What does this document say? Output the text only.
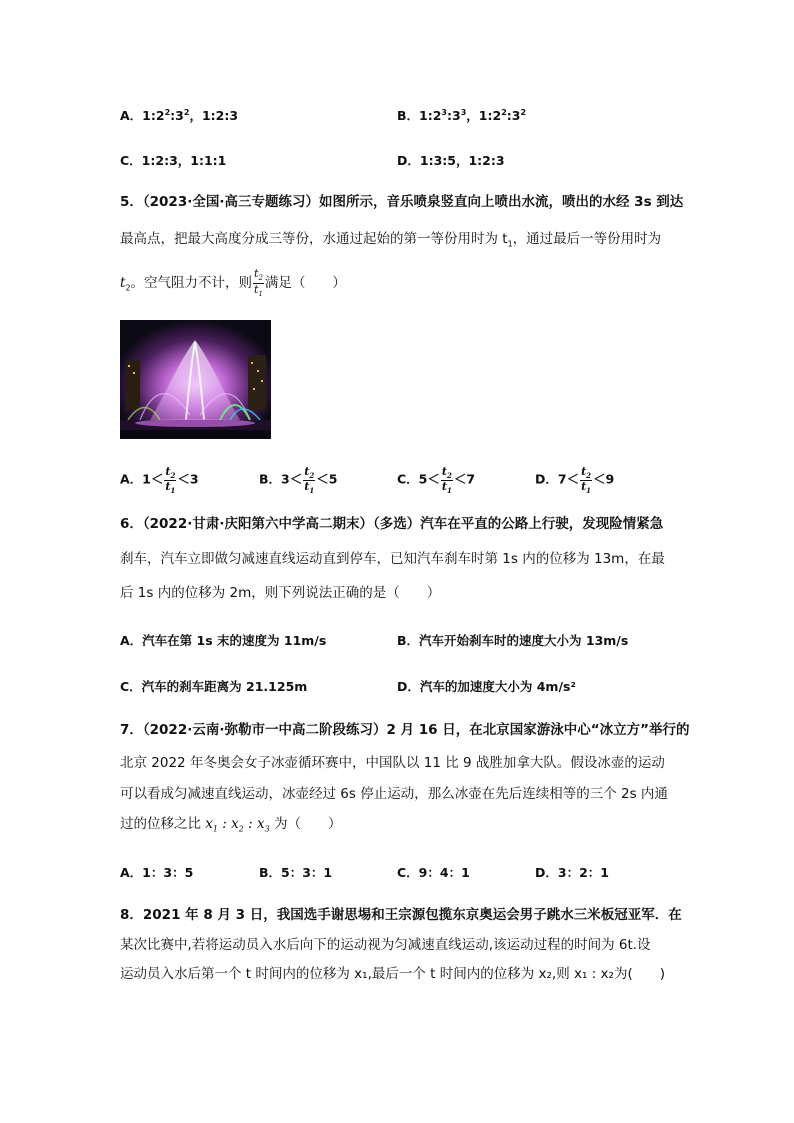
A．$1:2^2:3^2$，1:2:3	B．$1:2^3:3^3$，$1:2^2:3^2$
C．1:2:3，1:1:1	D．1:3:5，1:2:3
5．（2023·全国·高三专题练习）如图所示，音乐喷泉竖直向上喷出水流，喷出的水经 3s 到达
最高点，把最大高度分成三等份，水通过起始的第一等份用时为 $t_1$，通过最后一等份用时为
$t_2$。空气阻力不计，则 $\frac{t_2}{t_1}$ 满足（　　）
A．$1< \frac{t_2}{t_1} <3$	B．$3< \frac{t_2}{t_1} <5$	C．$5< \frac{t_2}{t_1} <7$	D．$7< \frac{t_2}{t_1} <9$
6．（2022·甘肃·庆阳第六中学高二期末）（多选）汽车在平直的公路上行驶，发现险情紧急
刹车，汽车立即做匀减速直线运动直到停车，已知汽车刹车时第 1s 内的位移为 13m，在最
后 1s 内的位移为 2m，则下列说法正确的是（　　）
A．汽车在第 1s 末的速度为 11m/s	B．汽车开始刹车时的速度大小为 13m/s
C．汽车的刹车距离为 21.125m	D．汽车的加速度大小为 4m/s²
7．（2022·云南·弥勒市一中高二阶段练习）2 月 16 日，在北京国家游泳中心“冰立方”举行的
北京 2022 年冬奥会女子冰壶循环赛中，中国队以 11 比 9 战胜加拿大队。假设冰壶的运动
可以看成匀减速直线运动，冰壶经过 6s 停止运动，那么冰壶在先后连续相等的三个 2s 内通
过的位移之比 $x_1$ : $x_2$ : $x_3$ 为（　　）
A．1：3：5	B．5：3：1	C．9：4：1	D．3：2：1
8．2021 年 8 月 3 日，我国选手谢思埸和王宗源包揽东京奥运会男子跳水三米板冠亚军．在
某次比赛中,若将运动员入水后向下的运动视为匀减速直线运动,该运动过程的时间为 6t.设
运动员入水后第一个 t 时间内的位移为 x₁,最后一个 t 时间内的位移为 x₂,则 x₁ : x₂为(　　)
